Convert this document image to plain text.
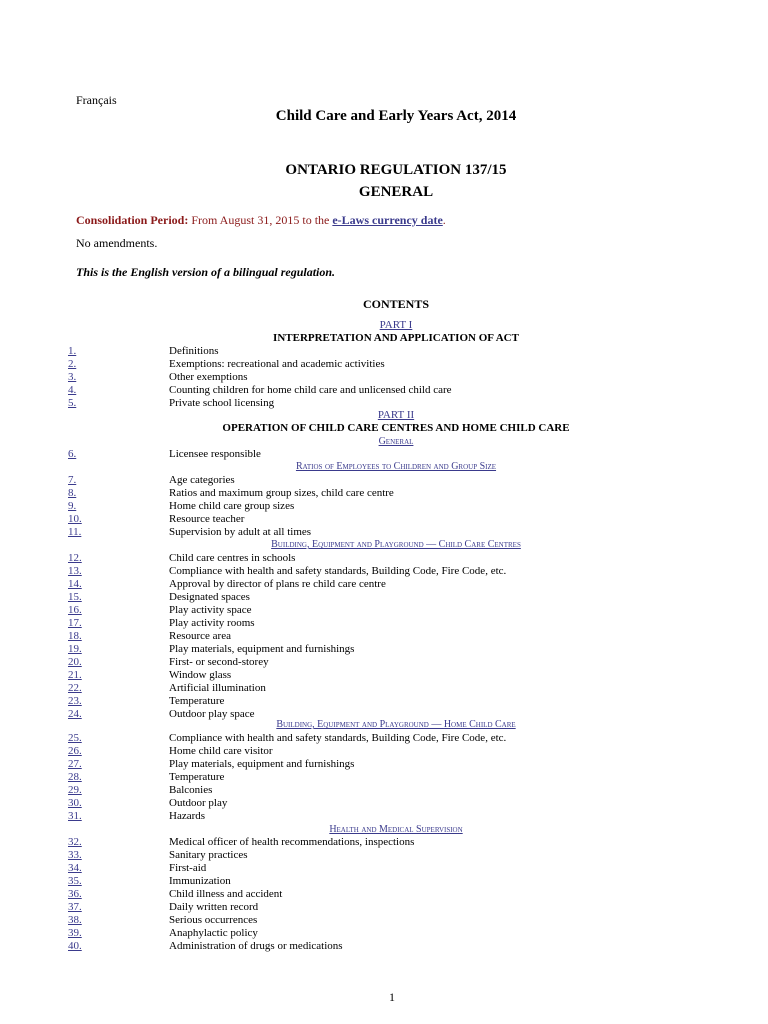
Français
Child Care and Early Years Act, 2014
ONTARIO REGULATION 137/15
GENERAL
Consolidation Period: From August 31, 2015 to the e-Laws currency date.
No amendments.
This is the English version of a bilingual regulation.
CONTENTS
PART I
INTERPRETATION AND APPLICATION OF ACT
PART II
OPERATION OF CHILD CARE CENTRES AND HOME CHILD CARE
General
Ratios of Employees to Children and Group Size
Building, Equipment and Playground — Child Care Centres
Building, Equipment and Playground — Home Child Care
Health and Medical Supervision
1.	Definitions
2.	Exemptions: recreational and academic activities
3.	Other exemptions
4.	Counting children for home child care and unlicensed child care
5.	Private school licensing
6.	Licensee responsible
7.	Age categories
8.	Ratios and maximum group sizes, child care centre
9.	Home child care group sizes
10.	Resource teacher
11.	Supervision by adult at all times
12.	Child care centres in schools
13.	Compliance with health and safety standards, Building Code, Fire Code, etc.
14.	Approval by director of plans re child care centre
15.	Designated spaces
16.	Play activity space
17.	Play activity rooms
18.	Resource area
19.	Play materials, equipment and furnishings
20.	First- or second-storey
21.	Window glass
22.	Artificial illumination
23.	Temperature
24.	Outdoor play space
25.	Compliance with health and safety standards, Building Code, Fire Code, etc.
26.	Home child care visitor
27.	Play materials, equipment and furnishings
28.	Temperature
29.	Balconies
30.	Outdoor play
31.	Hazards
32.	Medical officer of health recommendations, inspections
33.	Sanitary practices
34.	First-aid
35.	Immunization
36.	Child illness and accident
37.	Daily written record
38.	Serious occurrences
39.	Anaphylactic policy
40.	Administration of drugs or medications
1
